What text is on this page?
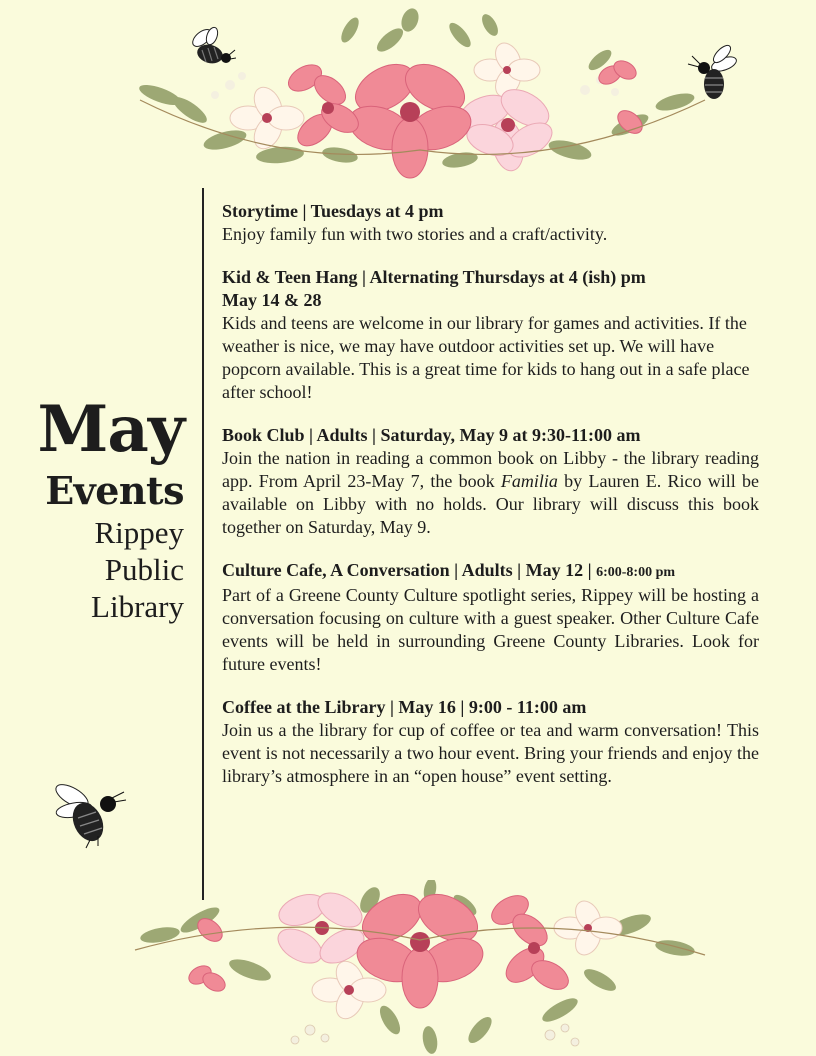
May
Events
Rippey
Public
Library
Storytime | Tuesdays at 4 pm
Enjoy family fun with two stories and a craft/activity.
Kid & Teen Hang | Alternating Thursdays at 4 (ish) pm
May 14 & 28
Kids and teens are welcome in our library for games and activities. If the weather is nice, we may have outdoor activities set up. We will have popcorn available. This is a great time for kids to hang out in a safe place after school!
Book Club | Adults | Saturday, May 9 at 9:30-11:00 am
Join the nation in reading a common book on Libby - the library reading app. From April 23-May 7, the book Familia by Lauren E. Rico will be available on Libby with no holds. Our library will discuss this book together on Saturday, May 9.
Culture Cafe, A Conversation | Adults | May 12 | 6:00-8:00 pm
Part of a Greene County Culture spotlight series, Rippey will be hosting a conversation focusing on culture with a guest speaker. Other Culture Cafe events will be held in surrounding Greene County Libraries. Look for future events!
Coffee at the Library | May 16 | 9:00 - 11:00 am
Join us a the library for cup of coffee or tea and warm conversation! This event is not necessarily a two hour event. Bring your friends and enjoy the library’s atmosphere in an “open house” event setting.
